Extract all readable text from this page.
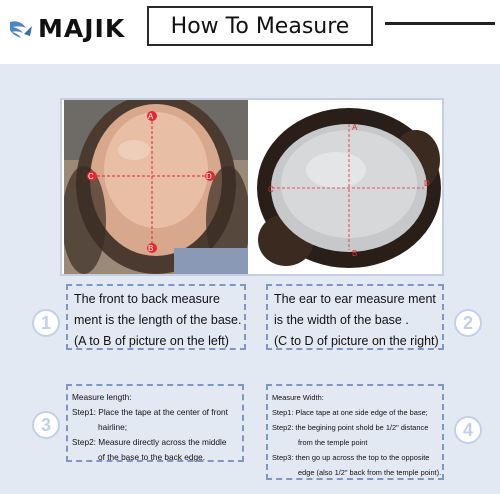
MAJIK How To Measure
A
B
C	D
A
B
C
D
The front to back measure
ment is the length of the base.
(A to B of picture on the left)
1
The ear to ear measure ment
is the width of the base .
(C to D of picture on the right)
2
Measure length:
Step1: Place the tape at the center of front
hairline;
Step2: Measure directly across the middle
of the base to the back edge.
3
Measure Width:
Step1: Place tape at one side edge of the base;
Step2: the begining point shold be 1/2" distance
from the temple point
Step3: then go up across the top to the opposite
edge (also 1/2" back from the temple point).
4
